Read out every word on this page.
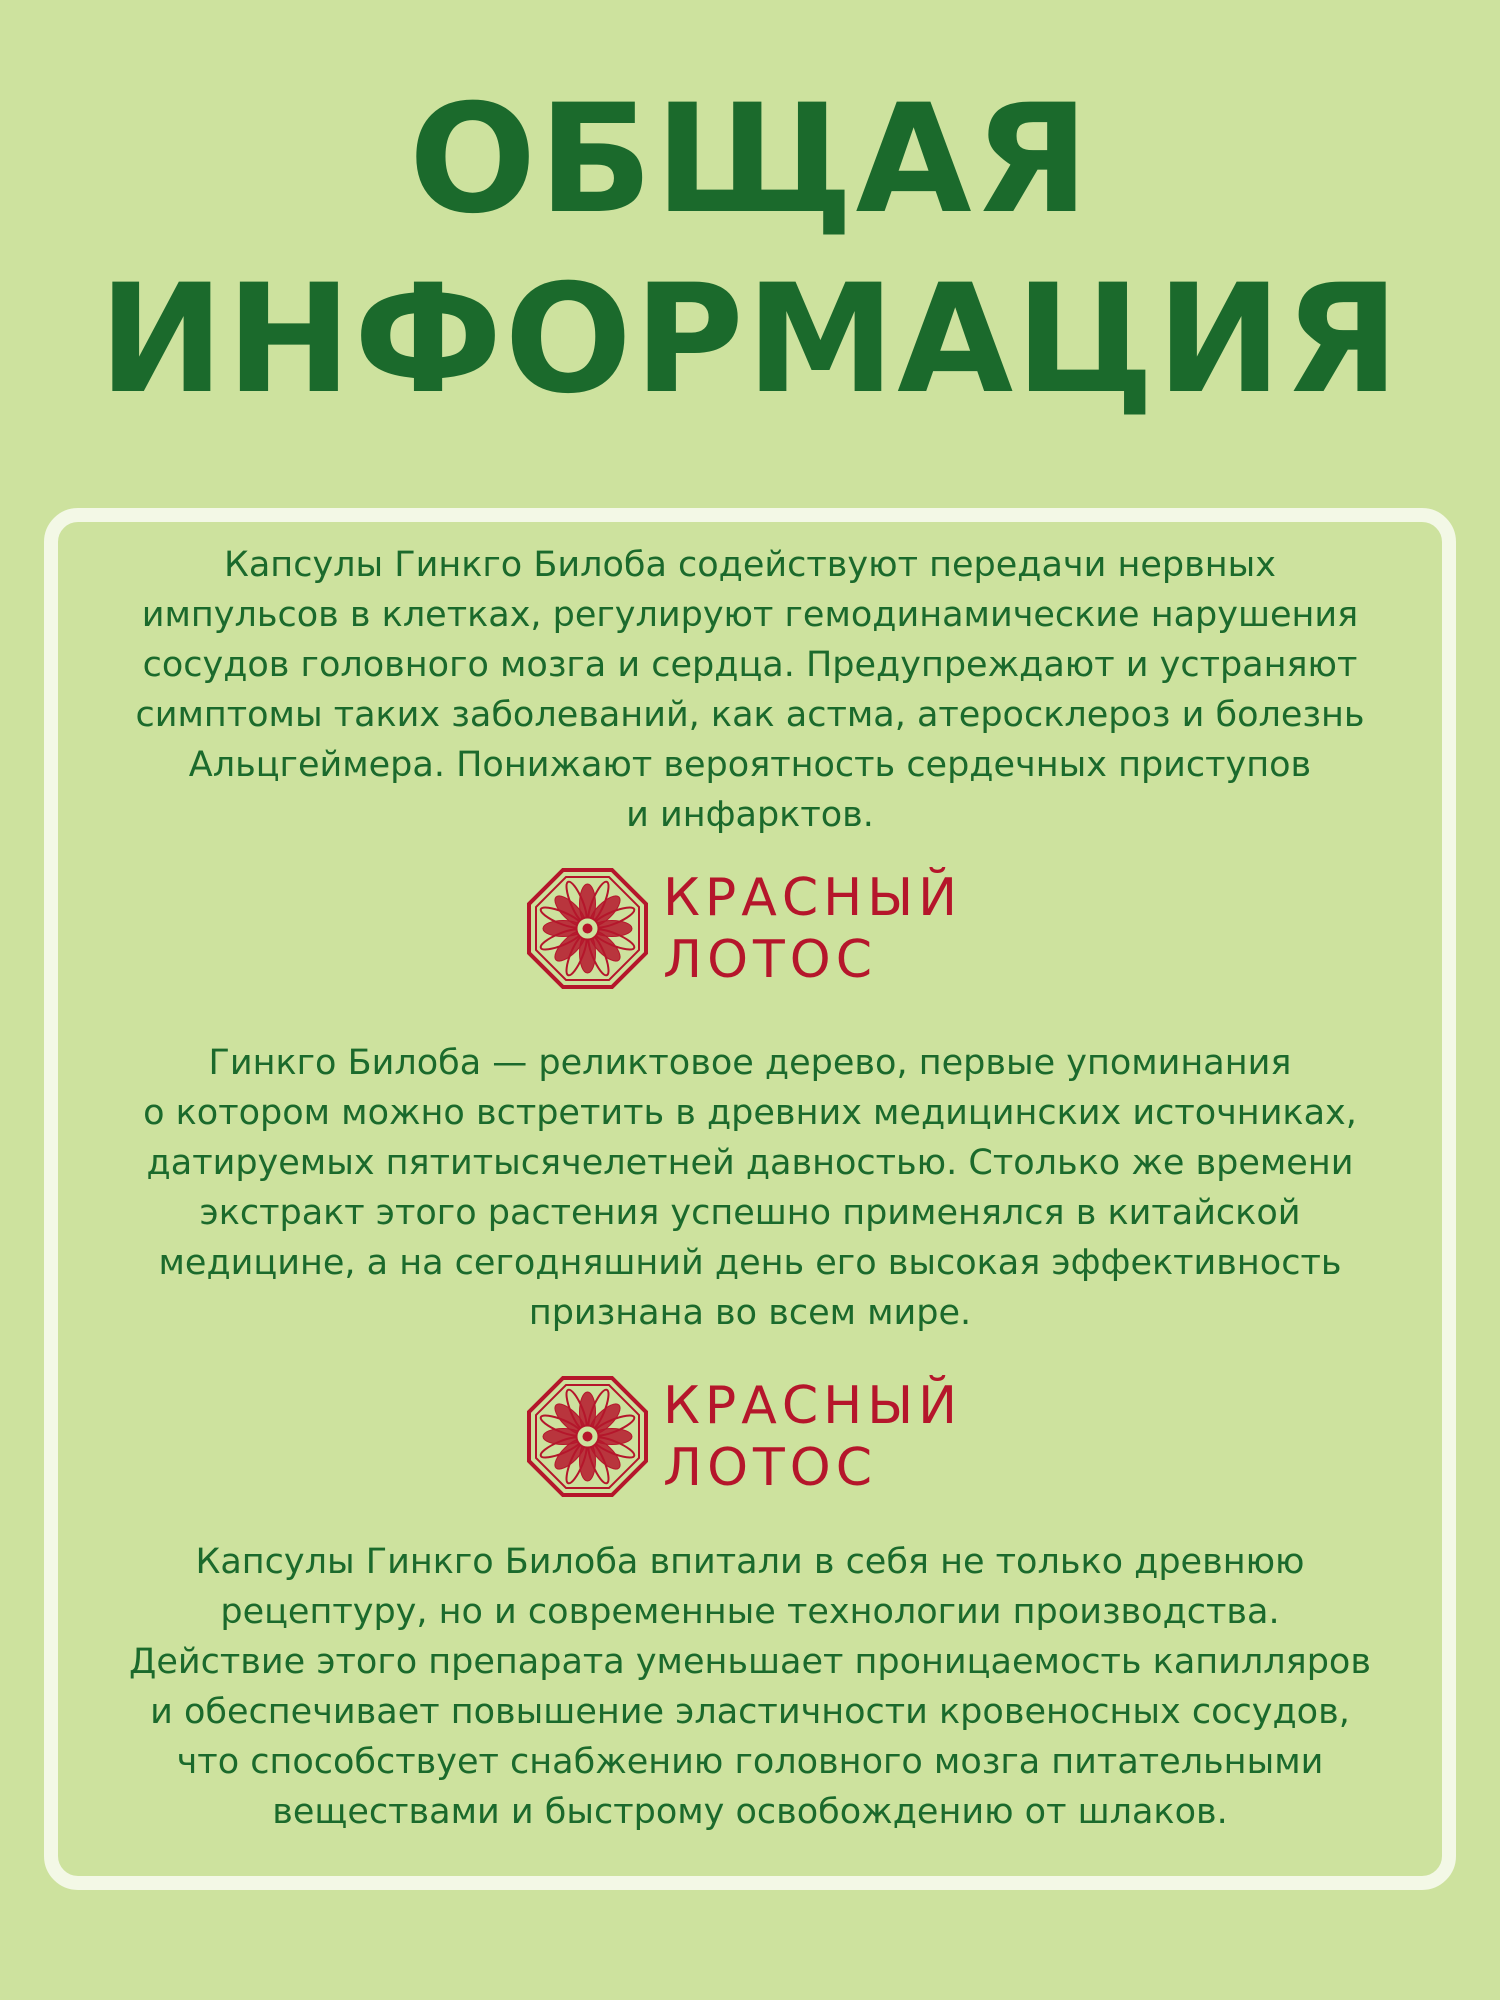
ОБЩАЯ
ИНФОРМАЦИЯ
Капсулы Гинкго Билоба содействуют передачи нервных
импульсов в клетках, регулируют гемодинамические нарушения
сосудов головного мозга и сердца. Предупреждают и устраняют
симптомы таких заболеваний, как астма, атеросклероз и болезнь
Альцгеймера. Понижают вероятность сердечных приступов
и инфарктов.
КРАСНЫЙ
ЛОТОС
Гинкго Билоба — реликтовое дерево, первые упоминания
о котором можно встретить в древних медицинских источниках,
датируемых пятитысячелетней давностью. Столько же времени
экстракт этого растения успешно применялся в китайской
медицине, а на сегодняшний день его высокая эффективность
признана во всем мире.
КРАСНЫЙ
ЛОТОС
Капсулы Гинкго Билоба впитали в себя не только древнюю
рецептуру, но и современные технологии производства.
Действие этого препарата уменьшает проницаемость капилляров
и обеспечивает повышение эластичности кровеносных сосудов,
что способствует снабжению головного мозга питательными
веществами и быстрому освобождению от шлаков.
